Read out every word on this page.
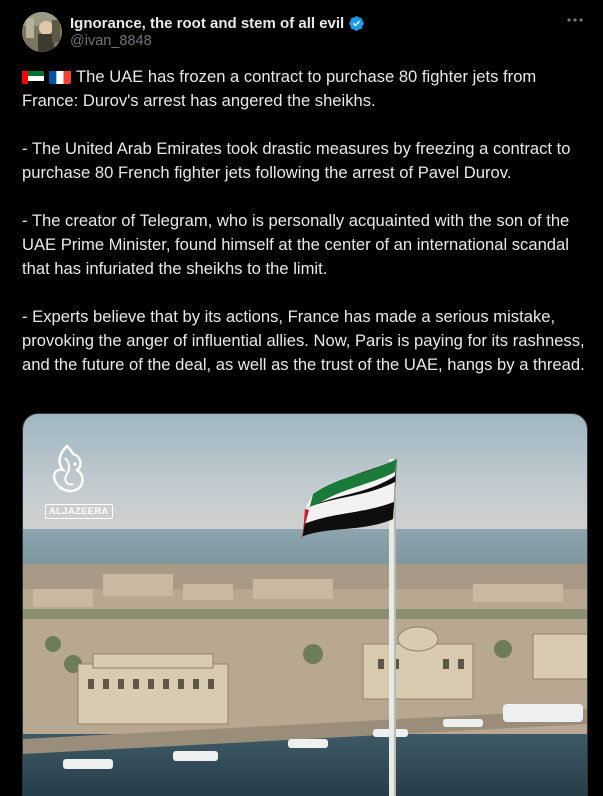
Ignorance, the root and stem of all evil
@ivan_8848

The UAE has frozen a contract to purchase 80 fighter jets from France: Durov's arrest has angered the sheikhs.

- The United Arab Emirates took drastic measures by freezing a contract to purchase 80 French fighter jets following the arrest of Pavel Durov.

- The creator of Telegram, who is personally acquainted with the son of the UAE Prime Minister, found himself at the center of an international scandal that has infuriated the sheikhs to the limit.

- Experts believe that by its actions, France has made a serious mistake, provoking the anger of influential allies. Now, Paris is paying for its rashness, and the future of the deal, as well as the trust of the UAE, hangs by a thread.

ALJAZEERA
